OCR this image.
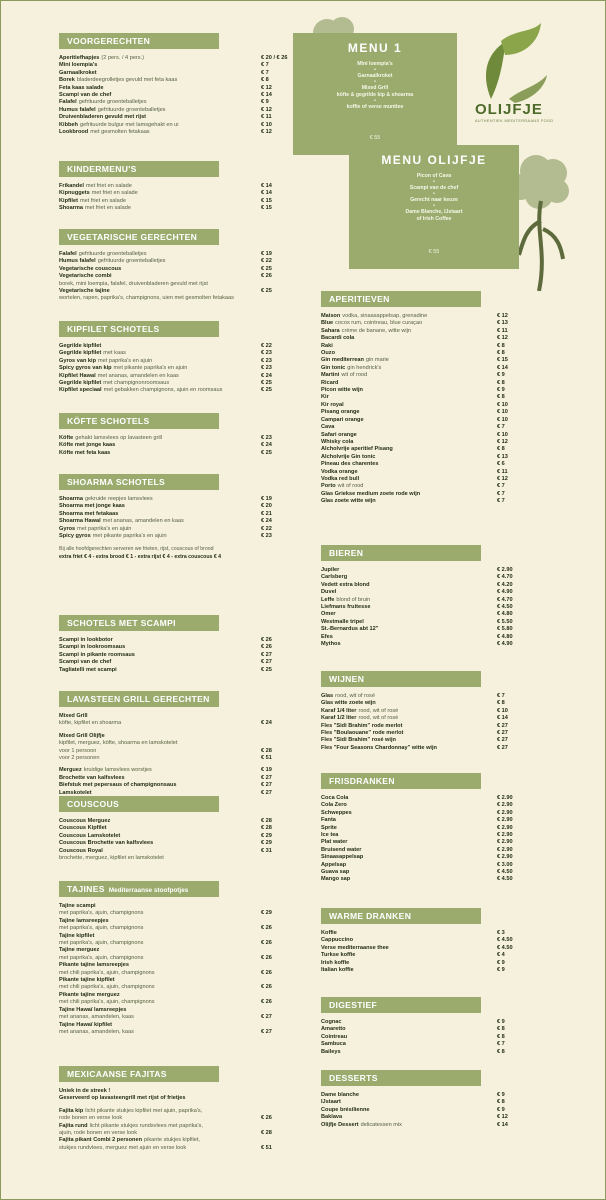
OLIJFJE
AUTHENTIEK MEDITERRAANS FOOD
MENU 1
Mini loempia's
•
Garnaalkroket
•
Mixed Grill
köfte & gegrilde kip & shoarma
•
koffie of verse munttee
€ 55
MENU OLIJFJE
Picon of Cava
•
Scampi van de chef
•
Gerecht naar keuze
•
Dame Blanche, IJstaart
of Irish Coffee
€ 55
VOORGERECHTEN
Aperitiefhapjes (2 pers. / 4 pers.)	€ 20 / € 26
Mini loempia's	€ 7
Garnaalkroket	€ 7
Borek bladerdeegrolletjes gevuld met feta kaas	€ 8
Feta kaas salade	€ 12
Scampi van de chef	€ 14
Falafel gefrituurde groenteballetjes	€ 9
Humus falafel gefrituurde groenteballetjes	€ 12
Druivenbladeren gevuld met rijst	€ 11
Kibbeh gefrituurde bulgur met lamsgehakt en ui	€ 10
Lookbrood met gesmolten fetakaas	€ 12
KINDERMENU'S
Frikandel met friet en salade	€ 14
Kipnuggets met friet en salade	€ 14
Kipfilet met friet en salade	€ 15
Shoarma met friet en salade	€ 15
VEGETARISCHE GERECHTEN
Falafel gefrituurde groenteballetjes	€ 19
Humus falafel gefrituurde groenteballetjes	€ 22
Vegetarische couscous	€ 25
Vegetarische combi	€ 26
borek, mini loempia, falafel, druivenbladeren gevuld met rijst
Vegetarische tajine	€ 25
wortelen, rapen, paprika's, champignons, uien met gesmolten fetakaas
KIPFILET SCHOTELS
Gegrilde kipfilet	€ 22
Gegrilde kipfilet met kaas	€ 23
Gyros van kip met paprika's en ajuin	€ 23
Spicy gyros van kip met pikante paprika's en ajuin	€ 23
Kipfilet Hawaï met ananas, amandelen en kaas	€ 24
Gegrilde kipfilet met champignonroomsaus	€ 25
Kipfilet speciaal met gebakken champignons, ajuin en roomsaus	€ 25
KÖFTE SCHOTELS
Köfte gehakt lamsvlees op lavasteen grill	€ 23
Köfte met jonge kaas	€ 24
Köfte met feta kaas	€ 25
SHOARMA SCHOTELS
Shoarma gekruide reepjes lamsvlees	€ 19
Shoarma met jonge kaas	€ 20
Shoarma met fetakaas	€ 21
Shoarma Hawaï met ananas, amandelen en kaas	€ 24
Gyros met paprika's en ajuin	€ 22
Spicy gyros met pikante paprika's en ajuin	€ 23
Bij alle hoofdgerechten serveren we frieten, rijst, couscous of brood
extra friet € 4 - extra brood € 1 - extra rijst € 4 - extra couscous € 4
SCHOTELS MET SCAMPI
Scampi in lookbotor	€ 26
Scampi in lookroomsaus	€ 26
Scampi in pikante roomsaus	€ 27
Scampi van de chef	€ 27
Tagliatelli met scampi	€ 25
LAVASTEEN GRILL GERECHTEN
Mixed Grill
köfte, kipfilet en shoarma	€ 24
Mixed Grill Olijfje
kipfilet, merguez, köfte, shoarma en lamskotelet
voor 1 persoon	€ 28
voor 2 personen	€ 51
Merguez kruidige lamsvlees worstjes	€ 19
Brochette van kalfsvlees	€ 27
Biefstuk met pepersaus of champignonsaus	€ 27
Lamskotelet	€ 27
COUSCOUS
Couscous Merguez	€ 28
Couscous Kipfilet	€ 28
Couscous Lamskotelet	€ 29
Couscous Brochette van kalfsvlees	€ 29
Couscous Royal	€ 31
brochette, merguez, kipfilet en lamskotelet
TAJINES Mediterraanse stoofpotjes
Tajine scampi
met paprika's, ajuin, champignons	€ 29
Tajine lamsreepjes
met paprika's, ajuin, champignons	€ 26
Tajine kipfilet
met paprika's, ajuin, champignons	€ 26
Tajine merguez
met paprika's, ajuin, champignons	€ 26
Pikante tajine lamsreepjes
met chili paprika's, ajuin, champignons	€ 26
Pikante tajine kipfilet
met chili paprika's, ajuin, champignons	€ 26
Pikante tajine merguez
met chili paprika's, ajuin, champignons	€ 26
Tajine Hawaï lamsreepjes
met ananas, amandelen, kaas	€ 27
Tajine Hawaï kipfilet
met ananas, amandelen, kaas	€ 27
MEXICAANSE FAJITAS
Uniek in de streek !
Geserveerd op lavasteengrill met rijst of frietjes
Fajita kip licht pikante stukjes kipfilet met ajuin, paprika's,
rode bonen en verse look	€ 26
Fajita rund licht pikante stukjes rundsvlees met paprika's,
ajuin, rode bonen en verse look	€ 28
Fajita pikant Combi 2 personen pikante stukjes kipfilet,
stukjes rundvlees, merguez met ajuin en verse look	€ 51
APERITIEVEN
Maison vodka, sinaasappelsap, grenadine	€ 12
Blue cocos rum, cointreau, blue curaçao	€ 13
Sahara crème de banane, witte wijn	€ 11
Bacardi cola	€ 12
Raki	€ 8
Ouzo	€ 8
Gin mediterrean gin marie	€ 15
Gin tonic gin hendrick's	€ 14
Martini wit of rood	€ 9
Ricard	€ 8
Picon witte wijn	€ 9
Kir	€ 8
Kir royal	€ 10
Pisang orange	€ 10
Campari orange	€ 10
Cava	€ 7
Safari orange	€ 10
Whisky cola	€ 12
Alcholvrije aperitief Pisang	€ 8
Alcholvrije Gin tonic	€ 13
Pineau des charentes	€ 6
Vodka orange	€ 11
Vodka red bull	€ 12
Porto wit of rood	€ 7
Glas Griekse medium zoete rode wijn	€ 7
Glas zoete witte wijn	€ 7
BIEREN
Jupiler	€ 2.90
Carlsberg	€ 4.70
Vedett extra blond	€ 4.20
Duvel	€ 4.90
Leffe blond of bruin	€ 4.70
Liefmans fruitesse	€ 4.50
Omer	€ 4.80
Westmalle tripel	€ 5.50
St.-Bernardus abt 12"	€ 5.80
Efes	€ 4.80
Mythos	€ 4.90
WIJNEN
Glas rood, wit of rosé	€ 7
Glas witte zoete wijn	€ 8
Karaf 1/4 liter rood, wit of rosé	€ 10
Karaf 1/2 liter rood, wit of rosé	€ 14
Fles "Sidi Brahim" rode merlot	€ 27
Fles "Boulaouane" rode merlot	€ 27
Fles "Sidi Brahim" rosé wijn	€ 27
Fles "Four Seasons Chardonnay" witte wijn	€ 27
FRISDRANKEN
Coca Cola	€ 2.90
Cola Zero	€ 2.90
Schweppes	€ 2.90
Fanta	€ 2.90
Sprite	€ 2.90
Ice tea	€ 2.90
Plat water	€ 2.90
Bruisend water	€ 2.90
Sinaasappelsap	€ 2.90
Appelsap	€ 3.00
Guava sap	€ 4.50
Mango sap	€ 4.50
WARME DRANKEN
Koffie	€ 3
Cappuccino	€ 4.50
Verse mediterraanse thee	€ 4.50
Turkse koffie	€ 4
Irish koffie	€ 9
Italian koffie	€ 9
DIGESTIEF
Cognac	€ 9
Amaretto	€ 8
Cointreau	€ 8
Sambuca	€ 7
Baileys	€ 8
DESSERTS
Dame blanche	€ 9
IJstaart	€ 8
Coupe brésilienne	€ 9
Baklava	€ 12
Olijfje Dessert delicatessen mix	€ 14
